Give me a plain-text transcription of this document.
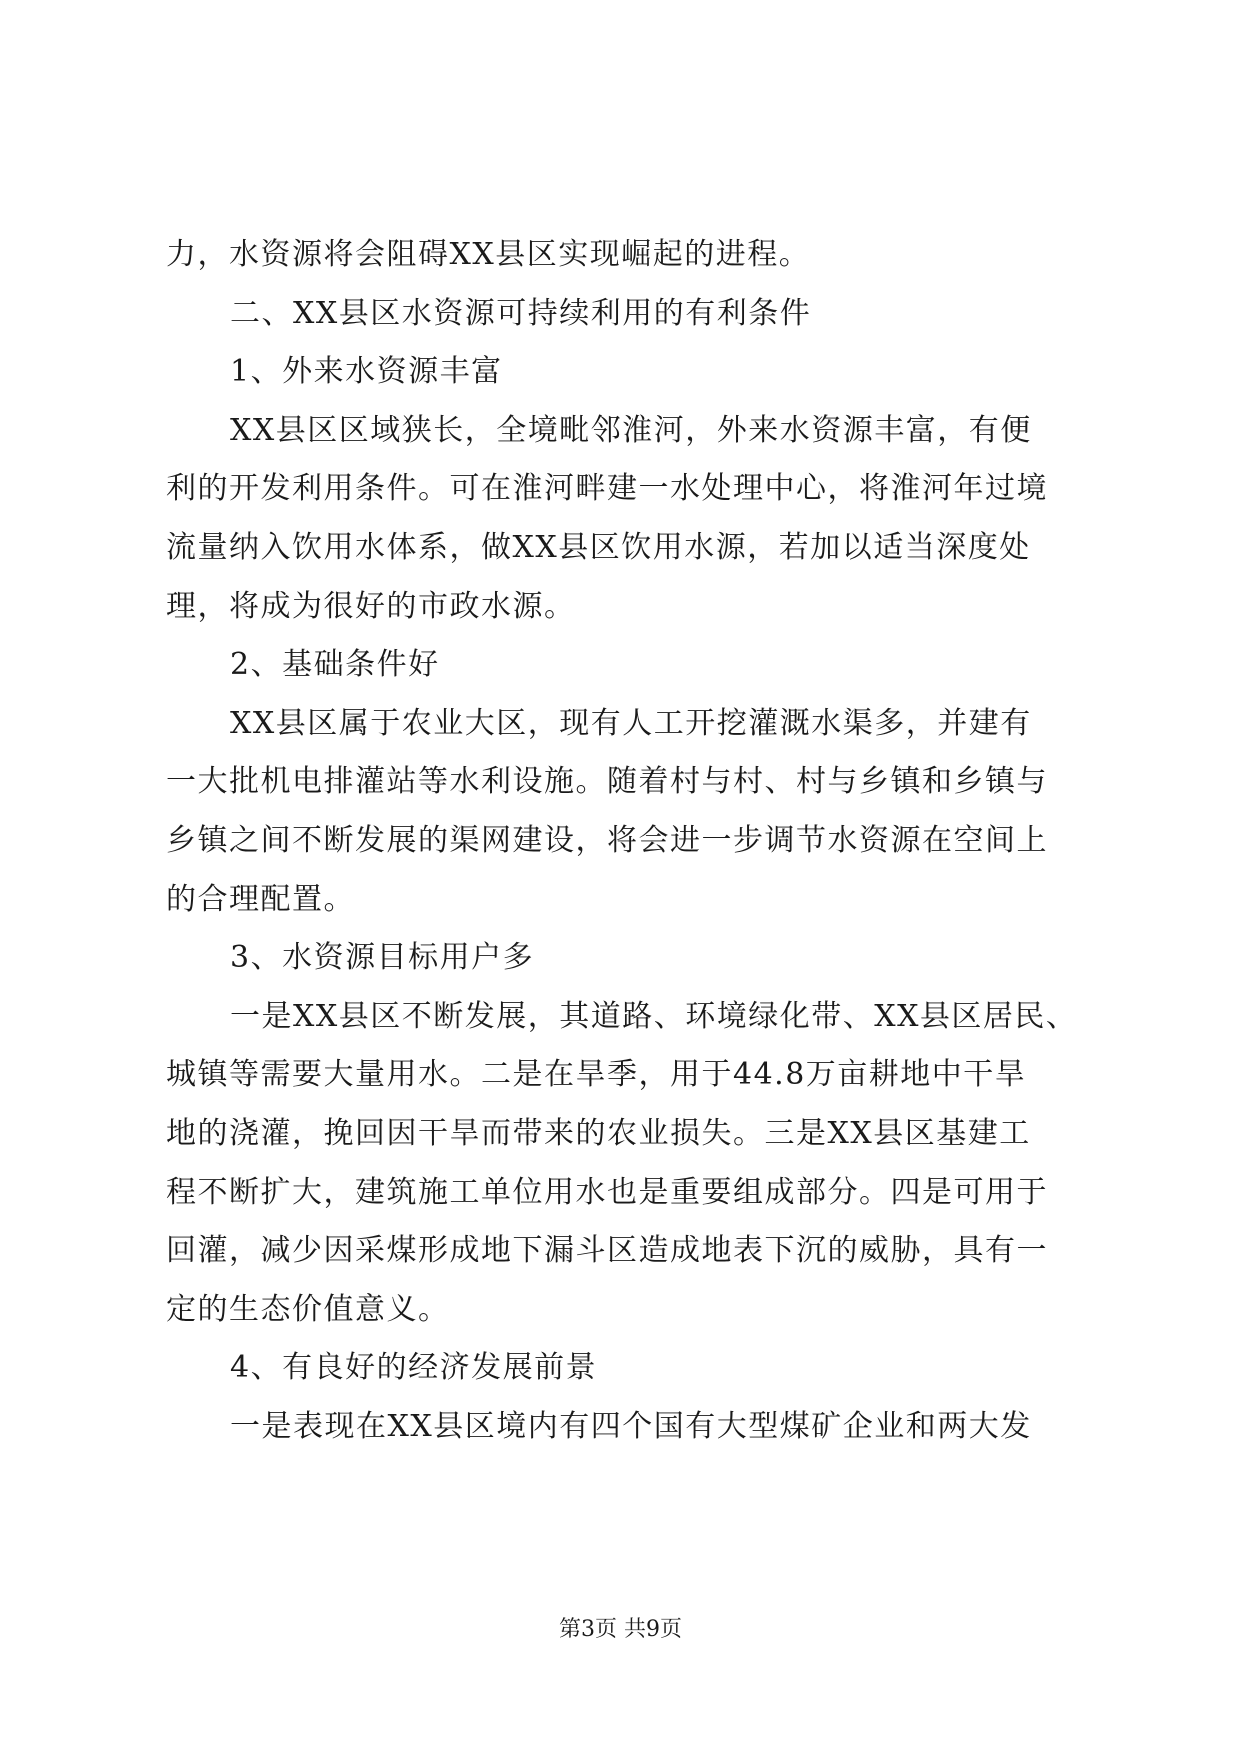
力，水资源将会阻碍XX县区实现崛起的进程。

二、XX县区水资源可持续利用的有利条件

1、外来水资源丰富

XX县区区域狭长，全境毗邻淮河，外来水资源丰富，有便

利的开发利用条件。可在淮河畔建一水处理中心，将淮河年过境

流量纳入饮用水体系，做XX县区饮用水源，若加以适当深度处

理，将成为很好的市政水源。

2、基础条件好

XX县区属于农业大区，现有人工开挖灌溉水渠多，并建有

一大批机电排灌站等水利设施。随着村与村、村与乡镇和乡镇与

乡镇之间不断发展的渠网建设，将会进一步调节水资源在空间上

的合理配置。

3、水资源目标用户多

一是XX县区不断发展，其道路、环境绿化带、XX县区居民、

城镇等需要大量用水。二是在旱季，用于44.8万亩耕地中干旱

地的浇灌，挽回因干旱而带来的农业损失。三是XX县区基建工

程不断扩大，建筑施工单位用水也是重要组成部分。四是可用于

回灌，减少因采煤形成地下漏斗区造成地表下沉的威胁，具有一

定的生态价值意义。

4、有良好的经济发展前景

一是表现在XX县区境内有四个国有大型煤矿企业和两大发

第3页 共9页
